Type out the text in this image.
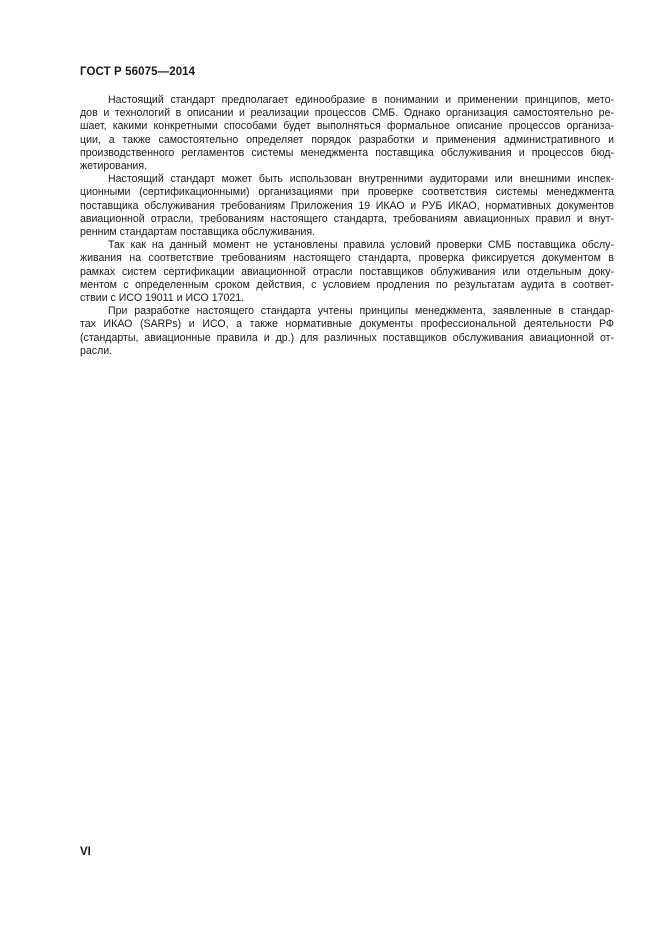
ГОСТ Р 56075—2014

Настоящий стандарт предполагает единообразие в понимании и применении принципов, мето-
дов и технологий в описании и реализации процессов СМБ. Однако организация самостоятельно ре-
шает, какими конкретными способами будет выполняться формальное описание процессов организа-
ции, а также самостоятельно определяет порядок разработки и применения административного и
производственного регламентов системы менеджмента поставщика обслуживания и процессов бюд-
жетирования.

Настоящий стандарт может быть использован внутренними аудиторами или внешними инспек-
ционными (сертификационными) организациями при проверке соответствия системы менеджмента
поставщика обслуживания требованиям Приложения 19 ИКАО и РУБ ИКАО, нормативных документов
авиационной отрасли, требованиям настоящего стандарта, требованиям авиационных правил и внут-
ренним стандартам поставщика обслуживания.

Так как на данный момент не установлены правила условий проверки СМБ поставщика обслу-
живания на соответствие требованиям настоящего стандарта, проверка фиксируется документом в
рамках систем сертификации авиационной отрасли поставщиков облуживания или отдельным доку-
ментом с определенным сроком действия, с условием продления по результатам аудита в соответ-
ствии с ИСО 19011 и ИСО 17021.

При разработке настоящего стандарта учтены принципы менеджмента, заявленные в стандар-
тах ИКАО (SARPs) и ИСО, а также нормативные документы профессиональной деятельности РФ
(стандарты, авиационные правила и др.) для различных поставщиков обслуживания авиационной от-
расли.

VI
